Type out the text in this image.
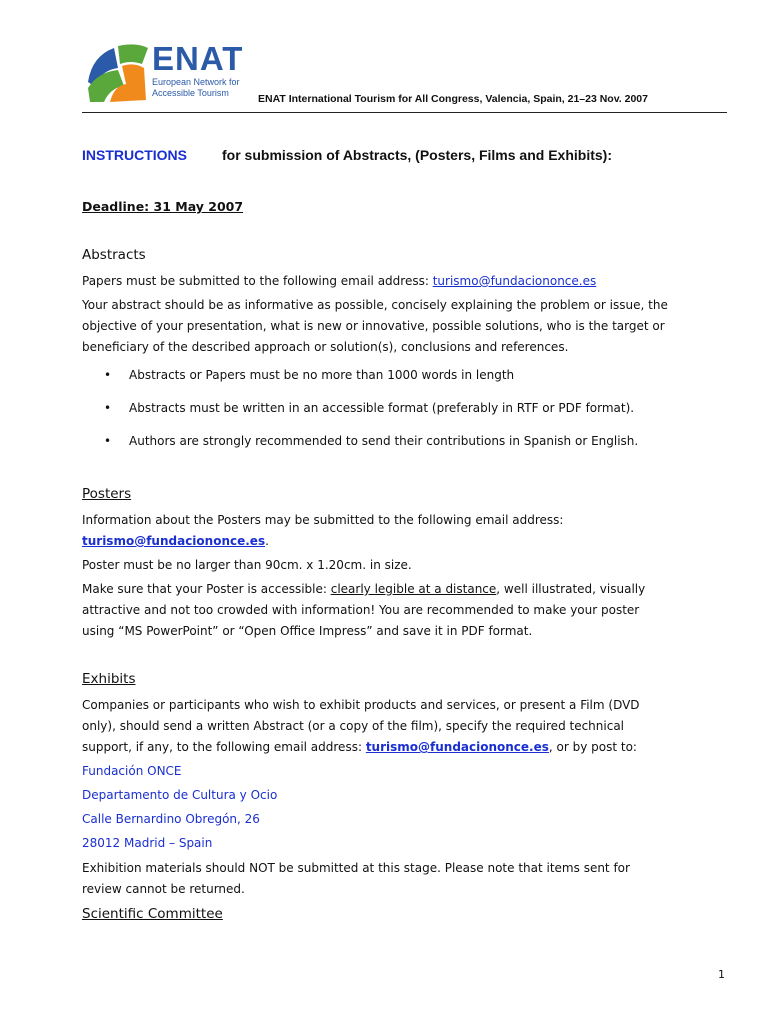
ENAT
European Network for
Accessible Tourism	ENAT International Tourism for All Congress, Valencia, Spain, 21–23 Nov. 2007
INSTRUCTIONS	for submission of Abstracts, (Posters, Films and Exhibits):
Deadline: 31 May 2007
Abstracts
Papers must be submitted to the following email address: turismo@fundaciononce.es
Your abstract should be as informative as possible, concisely explaining the problem or issue, the
objective of your presentation, what is new or innovative, possible solutions, who is the target or
beneficiary of the described approach or solution(s), conclusions and references.
• Abstracts or Papers must be no more than 1000 words in length
• Abstracts must be written in an accessible format (preferably in RTF or PDF format).
• Authors are strongly recommended to send their contributions in Spanish or English.
Posters
Information about the Posters may be submitted to the following email address:
turismo@fundaciononce.es.
Poster must be no larger than 90cm. x 1.20cm. in size.
Make sure that your Poster is accessible: clearly legible at a distance, well illustrated, visually
attractive and not too crowded with information! You are recommended to make your poster
using “MS PowerPoint” or “Open Office Impress” and save it in PDF format.
Exhibits
Companies or participants who wish to exhibit products and services, or present a Film (DVD
only), should send a written Abstract (or a copy of the film), specify the required technical
support, if any, to the following email address: turismo@fundaciononce.es, or by post to:
Fundación ONCE
Departamento de Cultura y Ocio
Calle Bernardino Obregón, 26
28012 Madrid – Spain
Exhibition materials should NOT be submitted at this stage. Please note that items sent for
review cannot be returned.
Scientific Committee
1
